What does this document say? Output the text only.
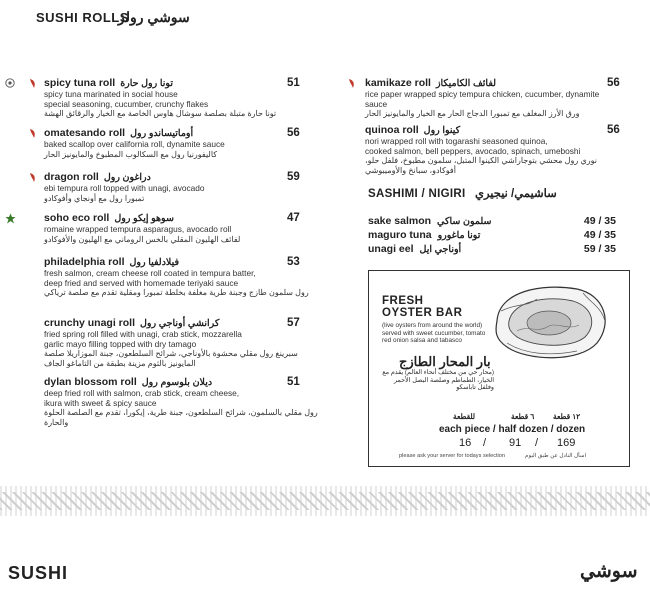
SUSHI ROLLS
سوشي رولز
spicy tuna roll تونا رول حارة
spicy tuna marinated in social house
special seasoning, cucumber, crunchy flakes
تونا حارة متبلة بصلصة سوشال هاوس الخاصة مع الخيار والرقائق الهشة
51
omatesando roll أوماتيساندو رول
baked scallop over california roll, dynamite sauce
كاليفورنيا رول مع السكالوب المطبوخ والمايونيز الحار
56
dragon roll دراغون رول
ebi tempura roll topped with unagi, avocado
تمبورا رول مع أونجاي وأفوكادو
59
soho eco roll سوهو إيكو رول
romaine wrapped tempura asparagus, avocado roll
لفائف الهليون المقلي بالخس الروماني مع الهليون والأفوكادو
47
philadelphia roll فيلادلفيا رول
fresh salmon, cream cheese roll coated in tempura batter,
deep fried and served with homemade teriyaki sauce
رول سلمون طازج وجبنة طرية مغلفة بخلطة تمبورا ومقلية تقدم مع صلصة ترياكي
53
crunchy unagi roll كرانشي أوناجي رول
fried spring roll filled with unagi, crab stick, mozzarella
garlic mayo filling topped with dry tamago
سبرينغ رول مقلي محشوة بالأوناجي، شرائح السلطعون، جبنة الموزاريلا صلصة المايونيز بالثوم مزينة بطبقة من التاماغو الجاف
57
dylan blossom roll ديلان بلوسوم رول
deep fried roll with salmon, crab stick, cream cheese,
ikura with sweet & spicy sauce
رول مقلي بالسلمون، شرائح السلطعون، جبنة طرية، إيكورا، تقدم مع الصلصة الحلوة والحارة
51
kamikaze roll لفائف الكاميكاز
rice paper wrapped spicy tempura chicken, cucumber, dynamite sauce
ورق الأرز المغلف مع تمبورا الدجاج الحار مع الخيار والمايونيز الحار
56
quinoa roll كينوا رول
nori wrapped roll with togarashi seasoned quinoa,
cooked salmon, bell peppers, avocado, spinach, umeboshi
نوري رول محشي بتوجاراشي الكينوا المتبل، سلمون مطبوخ، فلفل حلو، أفوكادو، سبانخ والأوميبوشي
56
SASHIMI / NIGIRI ساشيمي/ نيجيري
sake salmon سلمون ساكي	49 / 35
maguro tuna تونا ماغورو	49 / 35
unagi eel أوناجي ايل	59 / 35
FRESH
OYSTER BAR
(live oysters from around the world) served with sweet cucumber, tomato red onion salsa and tabasco
بار المحار الطازج
(محار حي من مختلف أنحاء العالم) يقدم مع الخيار، الطماطم وصلصة البصل الأحمر وفلفل تاباسكو
للقطعة	٦ قطعة	١٢ قطعة
each piece / half dozen / dozen
16 / 91 / 169
please ask your server for todays selection	اسأل النادل عن طبق اليوم
SUSHI	سوشي
